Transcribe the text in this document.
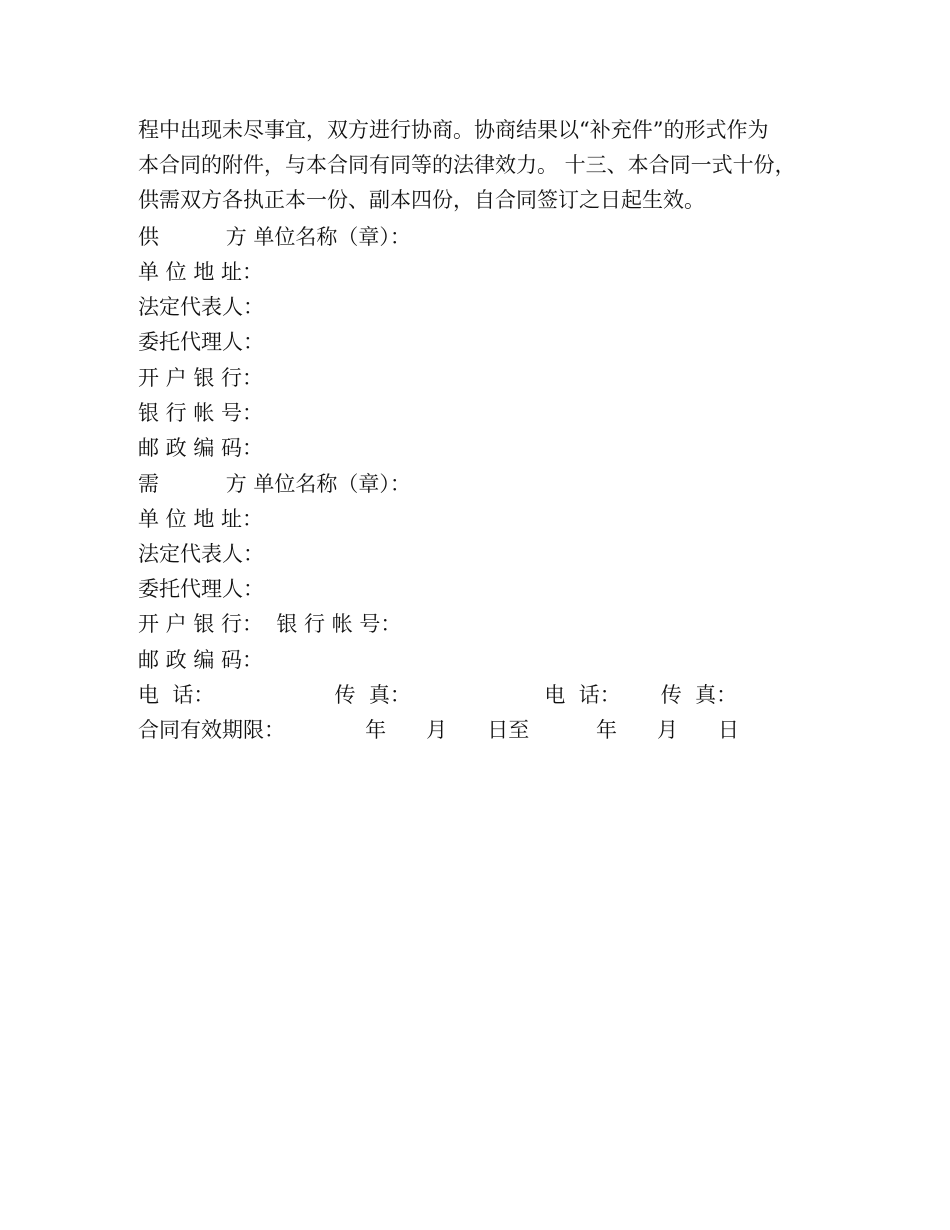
程中出现未尽事宜，双方进行协商。协商结果以“补充件”的形式作为
本合同的附件，与本合同有同等的法律效力。 十三、本合同一式十份，
供需双方各执正本一份、副本四份，自合同签订之日起生效。
供          方 单位名称（章）：
单 位 地 址：
法定代表人：
委托代理人：
开 户 银 行：
银 行 帐 号：
邮 政 编 码：
需          方 单位名称（章）：
单 位 地 址：
法定代表人：
委托代理人：
开 户 银 行：  银 行 帐 号：
邮 政 编 码：
电  话：                  传  真：                    电  话：      传  真：
合同有效期限：            年      月      日至          年      月      日
